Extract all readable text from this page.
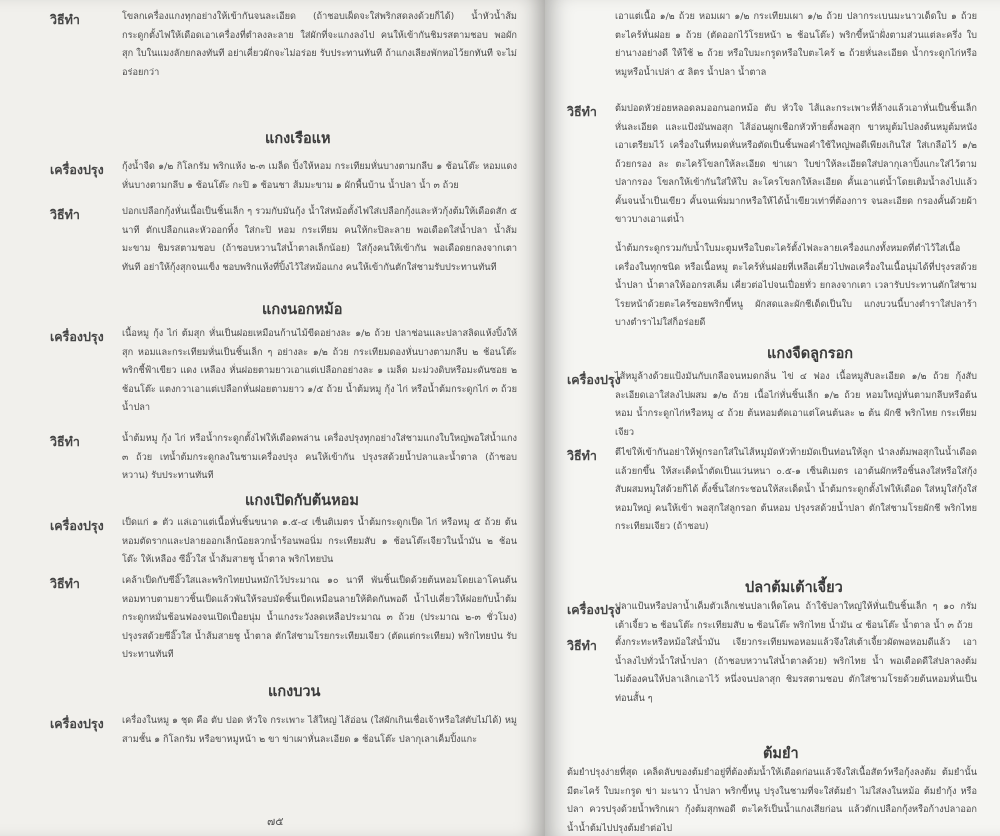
วิธีทำ	โขลกเครื่องแกงทุกอย่างให้เข้ากันจนละเอียด (ถ้าชอบเผ็ดจะใส่พริกสดลงด้วยก็ได้) น้ำหัวน้ำส้ม กระดูกตั้งไฟให้เดือดเอาเครื่องที่ตำลงละลาย ใส่ผักที่จะแกงลงไป คนให้เข้ากันชิมรสตามชอบ พอผักสุก ใบในแมงลักยกลงทันที อย่าเคี่ยวผักจะไม่อร่อย รับประทานทันที ถ้าแกงเลียงพักหอไว้ยกทันที จะไม่อร่อยกว่า
แกงเรือแห
เครื่องปรุง	กุ้งน้ำจืด ๑/๒ กิโลกรัม พริกแห้ง ๒-๓ เมล็ด ปิ้งให้หอม กระเทียมหั่นบางตามกลีบ ๑ ช้อนโต๊ะ หอมแดงหั่นบางตามกลีบ ๑ ช้อนโต๊ะ กะปิ ๑ ช้อนชา ส้มมะขาม ๑ ผักพื้นบ้าน น้ำปลา น้ำ ๓ ถ้วย
วิธีทำ	ปอกเปลือกกุ้งหั่นเนื้อเป็นชิ้นเล็ก ๆ รวมกับมันกุ้ง น้ำใส่หม้อตั้งไฟใส่เปลือกกุ้งและหัวกุ้งต้มให้เดือดสัก ๕ นาที ตักเปลือกและหัวออกทิ้ง ใส่กะปิ หอม กระเทียม คนให้กะปิละลาย พอเดือดใส่น้ำปลา น้ำส้มมะขาม ชิมรสตามชอบ (ถ้าชอบหวานใส่น้ำตาลเล็กน้อย) ใส่กุ้งคนให้เข้ากัน พอเดือดยกลงจากเตาทันที อย่าให้กุ้งสุกจนแข็ง ชอบพริกแห้งที่ปิ้งไว้ใส่หม้อแกง คนให้เข้ากันตักใส่ชามรับประทานทันที
แกงนอกหม้อ
เครื่องปรุง	เนื้อหมู กุ้ง ไก่ ต้มสุก หั่นเป็นฝอยเหมือนก้านไม้ขีดอย่างละ ๑/๒ ถ้วย ปลาช่อนและปลาสลิดแห้งปิ้งให้สุก หอมและกระเทียมหั่นเป็นชิ้นเล็ก ๆ อย่างละ ๑/๒ ถ้วย กระเทียมดองหั่นบางตามกลีบ ๒ ช้อนโต๊ะ พริกชี้ฟ้าเขียว แดง เหลือง หั่นฝอยตามยาวเอาแต่เปลือกอย่างละ ๑ เมล็ด มะม่วงดิบหรือมะดันซอย ๒ ช้อนโต๊ะ แตงกวาเอาแต่เปลือกหั่นฝอยตามยาว ๑/๕ ถ้วย น้ำต้มหมู กุ้ง ไก่ หรือน้ำต้มกระดูกไก่ ๓ ถ้วย น้ำปลา
วิธีทำ	น้ำต้มหมู กุ้ง ไก่ หรือน้ำกระดูกตั้งไฟให้เดือดพล่าน เครื่องปรุงทุกอย่างใส่ชามแกงใบใหญ่พอใส่น้ำแกง ๓ ถ้วย เทน้ำต้มกระดูกลงในชามเครื่องปรุง คนให้เข้ากัน ปรุงรสด้วยน้ำปลาและน้ำตาล (ถ้าชอบหวาน) รับประทานทันที
แกงเปิดกับต้นหอม
เครื่องปรุง	เป็ดแก่ ๑ ตัว แล่เอาแต่เนื้อหั่นชิ้นขนาด ๑.๕-๔ เซ็นติเมตร น้ำต้มกระดูกเป็ด ไก่ หรือหมู ๕ ถ้วย ต้นหอมตัดรากและปลายออกเล็กน้อยลวกน้ำร้อนพอนิ่ม กระเทียมสับ ๑ ช้อนโต๊ะเจียวในน้ำมัน ๒ ช้อนโต๊ะ ให้เหลือง ซีอิ๊วใส น้ำส้มสายชู น้ำตาล พริกไทยป่น
วิธีทำ	เคล้าเป็ดกับซีอิ๊วใสและพริกไทยป่นหมักไว้ประมาณ ๑๐ นาที พันชิ้นเป็ดด้วยต้นหอมโดยเอาโคนต้นหอมทาบตามยาวชิ้นเป็ดแล้วพันให้รอบมัดชิ้นเป็ดเหมือนลายให้ติดกันพอดี น้ำไปเคี่ยวให้ฝอยกับน้ำต้มกระดูกหมั่นช้อนฟองจนเปิดเปื่อยนุ่ม น้ำแกงระวังลดเหลือประมาณ ๓ ถ้วย (ประมาณ ๒-๓ ชั่วโมง) ปรุงรสด้วยซีอิ๊วใส น้ำส้มสายชู น้ำตาล ตักใส่ชามโรยกระเทียมเจียว (ตัดแต่กระเทียม) พริกไทยป่น รับประทานทันที
แกงบวน
เครื่องปรุง	เครื่องในหมู ๑ ชุด คือ ตับ ปอด หัวใจ กระเพาะ ไส้ใหญ่ ไส้อ่อน (ใส่ผักเกินเชื่อเจ้าหรือใส่ตับไม่ได้) หมูสามชั้น ๑ กิโลกรัม หรือขาหมูหน้า ๒ ขา ข่าเผาหั่นละเอียด ๑ ช้อนโต๊ะ ปลากุเลาเค็มปิ้งแกะ
๗๕
เอาแต่เนื้อ ๑/๒ ถ้วย หอมเผา ๑/๒ กระเทียมเผา ๑/๒ ถ้วย ปลากระเบนมะนาวเด็ดใบ ๑ ถ้วย ตะไคร้หั่นฝอย ๑ ถ้วย (ตัดออกไว้โรยหน้า ๒ ช้อนโต๊ะ) พริกขี้หน้าฝั่งตามส่วนแต่ละครึ่ง ใบย่านางอย่างดี ให้ใช้ ๒ ถ้วย หรือใบมะกรูดหรือใบตะไคร้ ๒ ถ้วยหั่นละเอียด น้ำกระดูกไก่หรือหมูหรือน้ำเปล่า ๕ ลิตร น้ำปลา น้ำตาล
วิธีทำ	ต้มปอดหัวย่อยหลอดลมออกนอกหม้อ ตับ หัวใจ ไส้และกระเพาะที่ล้างแล้วเอาหั่นเป็นชิ้นเล็กหั่นละเอียด และแป้งมันพอสุก ไส้อ่อนผูกเชือกหัวท้ายตั้งพอสุก ขาหมูต้มไปลงต้นหมูต้มหนังเอาเตรียมไว้ เครื่องในที่หมดหั่นหรือตัดเป็นชิ้นพอคำใช้ใหญ่พอดีเพียงเกินใส่ ใส่เกลือไว้ ๑/๒ ถ้วยกรอง ละ ตะไคร้โขลกให้ละเอียด ข่าเผา ใบข่าให้ละเอียดใส่ปลากุเลาปิ้งแกะใส่ไว้ตามปลากรอง โขลกให้เข้ากันใส่ให้ใบ ละโครโขลกให้ละเอียด คั้นเอาแต่น้ำโดยเติมน้ำลงไปแล้วคั้นจนน้ำเป็นเขียว คั้นจนเพิ่มมากหรือให้ได้น้ำเขียวเท่าที่ต้องการ จนละเอียด กรองคั้นด้วยผ้าขาวบางเอาแต่น้ำ
น้ำต้มกระดูกรวมกับน้ำใบมะตูมหรือใบตะไคร้ตั้งไฟละลายเครื่องแกงทั้งหมดที่ตำไว้ใส่เนื้อเครื่องในทุกชนิด หรือเนื้อหมู ตะไคร้หั่นฝอยที่เหลือเคี่ยวไปพอเครื่องในเนื้อนุ่มได้ที่ปรุงรสด้วยน้ำปลา น้ำตาลให้ออกรสเค็ม เคี่ยวต่อไปจนเปื่อยทั่ว ยกลงจากเตา เวลารับประทานตักใส่ชามโรยหน้าด้วยตะไคร้ซอยพริกขี้หนู ผักสดและผักชีเด็ดเป็นใบ แกงบวนนี้บางตำราใส่ปลาร้า บางตำราไม่ใส่ก็อร่อยดี
แกงจืดลูกรอก
เครื่องปรุง
ไส้หมูล้างด้วยแป้งมันกับเกลือจนหมดกลิ่น ไข่ ๔ ฟอง เนื้อหมูสับละเอียด ๑/๒ ถ้วย กุ้งสับละเอียดเอาใส่ลงไปผสม ๑/๒ ถ้วย เนื้อไก่หั่นชิ้นเล็ก ๑/๒ ถ้วย หอมใหญ่หั่นตามกลีบหรือต้นหอม น้ำกระดูกไก่หรือหมู ๔ ถ้วย ต้นหอมตัดเอาแต่โคนต้นละ ๒ ต้น ผักชี พริกไทย กระเทียมเจียว
วิธีทำ	ตีไข่ให้เข้ากันอย่าให้ฟูกรอกใส่ในไส้หมูมัดหัวท้ายมัดเป็นท่อนให้ลูก นำลงต้มพอสุกในน้ำเดือดแล้วยกขึ้น ให้สะเด็ดน้ำตัดเป็นแว่นหนา ๐.๕-๑ เซ็นติเมตร เอาต้นผักหรือชิ้นลงใส่หรือใส่กุ้งสับผสมหมูใส่ด้วยก็ได้ ตั้งชิ้นใส่กระชอนให้สะเด็ดน้ำ น้ำต้มกระดูกตั้งไฟให้เดือด ใส่หมูใส่กุ้งใส่หอมใหญ่ คนให้เข้า พอสุกใส่ลูกรอก ต้นหอม ปรุงรสด้วยน้ำปลา ตักใส่ชามโรยผักชี พริกไทย กระเทียมเจียว (ถ้าชอบ)
ปลาต้มเต้าเจี้ยว
เครื่องปรุง
ปลาแป้นหรือปลาน้ำเค็มตัวเล็กเช่นปลาเห็ดโคน ถ้าใช้ปลาใหญ่ให้หั่นเป็นชิ้นเล็ก ๆ ๑๐ กรัม เต้าเจี้ยว ๒ ช้อนโต๊ะ กระเทียมสับ ๒ ช้อนโต๊ะ พริกไทย น้ำมัน ๔ ช้อนโต๊ะ น้ำตาล น้ำ ๓ ถ้วย
วิธีทำ	ตั้งกระทะหรือหม้อใส่น้ำมัน เจียวกระเทียมพอหอมแล้วจึงใส่เต้าเจี้ยวผัดพอหอมดีแล้ว เอาน้ำลงไปทั่วน้ำใส่น้ำปลา (ถ้าชอบหวานใส่น้ำตาลด้วย) พริกไทย น้ำ พอเดือดดีใส่ปลาลงต้ม ไม่ต้องคนให้ปลาเลิกเอาไว้ หนึ่งจนปลาสุก ชิมรสตามชอบ ตักใส่ชามโรยด้วยต้นหอมหั่นเป็นท่อนสั้น ๆ
ต้มยำ
ต้มยำปรุงง่ายที่สุด เคล็ดลับของต้มยำอยู่ที่ต้องต้มน้ำให้เดือดก่อนแล้วจึงใส่เนื้อสัตว์หรือกุ้งลงต้ม ต้มยำนั้นมีตะไคร้ ใบมะกรูด ข่า มะนาว น้ำปลา พริกขี้หนู ปรุงในชามที่จะใส่ต้มยำ ไม่ใส่ลงในหม้อ ต้มยำกุ้ง หรือปลา ควรปรุงด้วยน้ำพริกเผา กุ้งต้มสุกพอดี ตะไคร้เป็นน้ำแกงเสียก่อน แล้วตักเปลือกกุ้งหรือก้างปลาออก น้ำน้ำต้มไปปรุงต้มยำต่อไป
